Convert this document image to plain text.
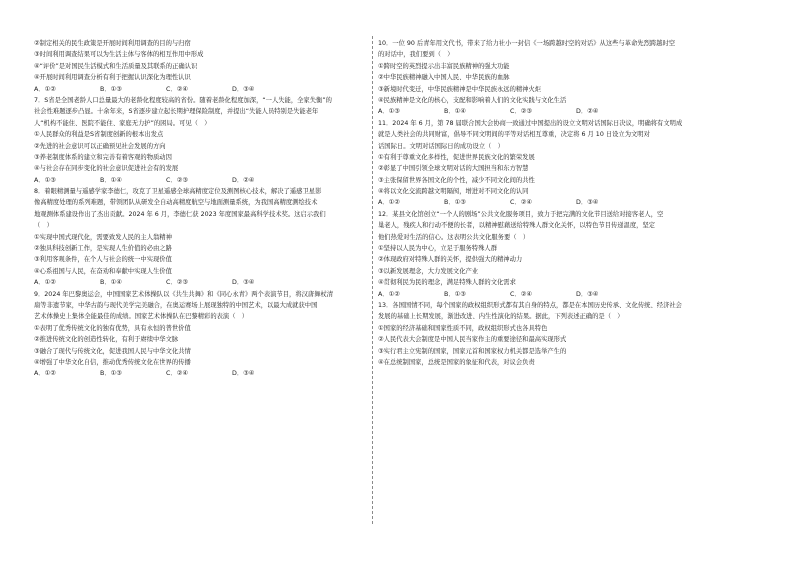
②制定相关的民生政策是开展时间利用调查的目的与归宿
③时间利用调查结果可以为生活主体与客体的相互作用中形成
④“评价”是对国民生活模式和生活质量及其联系的正确认识
④开展时间利用调查分析有利于把握认识深化为理性认识
A．①②	B．①③	C．②④	D．③④
7．S省是全国老龄人口总量最大的老龄化程度较高的省份。随着老龄化程度加深，“一人失能，全家失衡”的
社会性难题逐步凸显。十余年来，S省逐步建立起长期护理保险制度，并提出“失能人员特别是失能老年
人“机构不能住、医院不能住、家庭无力护”的困局。可见（　）
①人民群众的利益是S省制度创新的根本出发点
②先进的社会意识可以正确预见社会发展的方向
③养老制度体系的建立和完善有着客观的物质动因
④与社会存在同步变化的社会意识促进社会有的发展
A．①③	B．①④	C．②③	D．②④
8．着眼精测量与遥感学家李德仁，攻克了卫星遥感全球高精度定位及测图核心技术，解决了遥感卫星影
像高精度处理的系列难题，带领团队从研发全自动高精度航空与地面测量系统，为我国高精度测绘技术
地观测体系建设作出了杰出贡献。2024 年 6 月，李德仁获 2023 年度国家最高科学技术奖。这启示我们
（　）
①实现中国式现代化，需要致发人民的主人翁精神
②独具科技创新工作，是实现人生价值的必由之路
③利用客观条件，在个人与社会的统一中实现价值
④心系祖国与人民，在奋劝和奉献中实现人生价值
A．①②	B．①④	C．②③	D．③④
9．2024 年巴黎奥运会，中国国家艺术体操队以《共生共舞》和《同心永青》两个表演节目，将汉唐舞杖清
扇等非遗节家，中华古韵与现代美学完美融合，在奥运赛场上展现独特的中国艺术，以最大成就获中国
艺术体操史上集体全能最佳的成绩。国家艺术体操队在巴黎精彩的表演（　）
①表明了优秀传统文化的独有优势，具有永恒的普世价值
②推进传统文化的创造性转化，有利于赓续中华文脉
③融合了现代与传统文化，促进我国人民与中华文化共情
④增强了中华文化自信，推动优秀传统文化在世界的传播
A．①②	B．①③	C．②④	D．③④
10．一位 90 后青年用文代书，带来了给力社小一封信《一场跨越时空的对话》从这些与革命先烈跨越时空
的对话中，我们要到（　）
①跨时空的英烈提示出丰富民族精神的强大功能
②中华民族精神融入中国人民、中华民族的血脉
③新境时代变迁，中华民族精神是中华民族永远的精神火炬
④民族精神是文化的核心，支配和影响着人们的文化实践与文化生活
A．①③	B．①④	C．②③	D．②④
11．2024 年 6 月，第 78 届联合国大会协商一致通过中国提出的设立文明对话国际日决议，明确将有文明成
就是人类社会的共同财富，倡导不同文明间的平等对话相互尊重，决定将 6 月 10 日设立为文明对
话国际日。文明对话国际日的成功设立（　）
①有利于尊重文化多样性，促进世界民族文化的繁荣发展
②彰显了中国引领全球文明对话的大国担当和东方智慧
③主张保留世界各国文化的个性，减少不同文化间的共性
④将以文化交流跨越文明隔阂，增进对不同文化的认同
A．①②	B．①③	C．②④	D．③④
12．某县文化馆创立“一个人的剧场”公共文化服务项目，致力于把完满的文化节目送给对接客老人，空
巢老人，残疾人和行动不便的长者，以精神慰藉送给特殊人群文化关怀，以特色节目传递温度，坚定
他们热爱对生活的信心。这表明公共文化服务要（　）
①坚持以人民为中心，立足于服务特殊人群
②体现政府对特殊人群的关怀，提供强大的精神动力
③以新发展理念，大力发展文化产业
④贯彻利民为民的理念，满足特殊人群的文化需求
A．①②	B．①③	C．②④	D．③④
13．各国国情不同，每个国家的政权组织形式都有其自身的特点，都是在本国历史传承、文化传统、经济社会
发展的基础上长期发展，渐进改进、内生性演化的结果。据此，下列表述正确的是（　）
①国家的经济基础和国家性质不同，政权组织形式也各具特色
②人民代表大会制度是中国人民当家作主的重要途径和最高实现形式
③实行君主立宪制的国家，国家元首和国家权力机关都是选举产生的
④在总统制国家，总统是国家的象征和代表，对议会负责
